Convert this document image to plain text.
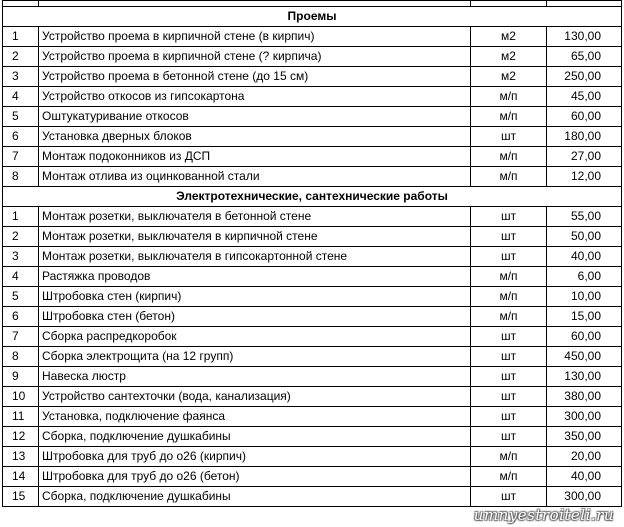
Проемы			
1	Устройство проема в кирпичной стене (в кирпич)	м2	130,00
2	Устройство проема в кирпичной стене (? кирпича)	м2	65,00
3	Устройство проема в бетонной стене (до 15 см)	м2	250,00
4	Устройство откосов из гипсокартона	м/п	45,00
5	Оштукатуривание откосов	м/п	60,00
6	Установка дверных блоков	шт	180,00
7	Монтаж подоконников из ДСП	м/п	27,00
8	Монтаж отлива из оцинкованной стали	м/п	12,00
Электротехнические, сантехнические работы			
1	Монтаж розетки, выключателя в бетонной стене	шт	55,00
2	Монтаж розетки, выключателя в кирпичной стене	шт	50,00
3	Монтаж розетки, выключателя в гипсокартонной стене	шт	40,00
4	Растяжка проводов	м/п	6,00
5	Штробовка стен (кирпич)	м/п	10,00
6	Штробовка стен (бетон)	м/п	15,00
7	Сборка распредкоробок	шт	60,00
8	Сборка электрощита (на 12 групп)	шт	450,00
9	Навеска люстр	шт	130,00
10	Устройство сантехточки (вода, канализация)	шт	380,00
11	Установка, подключение фаянса	шт	300,00
12	Сборка, подключение душкабины	шт	350,00
13	Штробовка для труб до о26 (кирпич)	м/п	20,00
14	Штробовка для труб до о26 (бетон)	м/п	40,00
15	Сборка, подключение душкабины	шт	300,00
umnyestroiteli.ru
